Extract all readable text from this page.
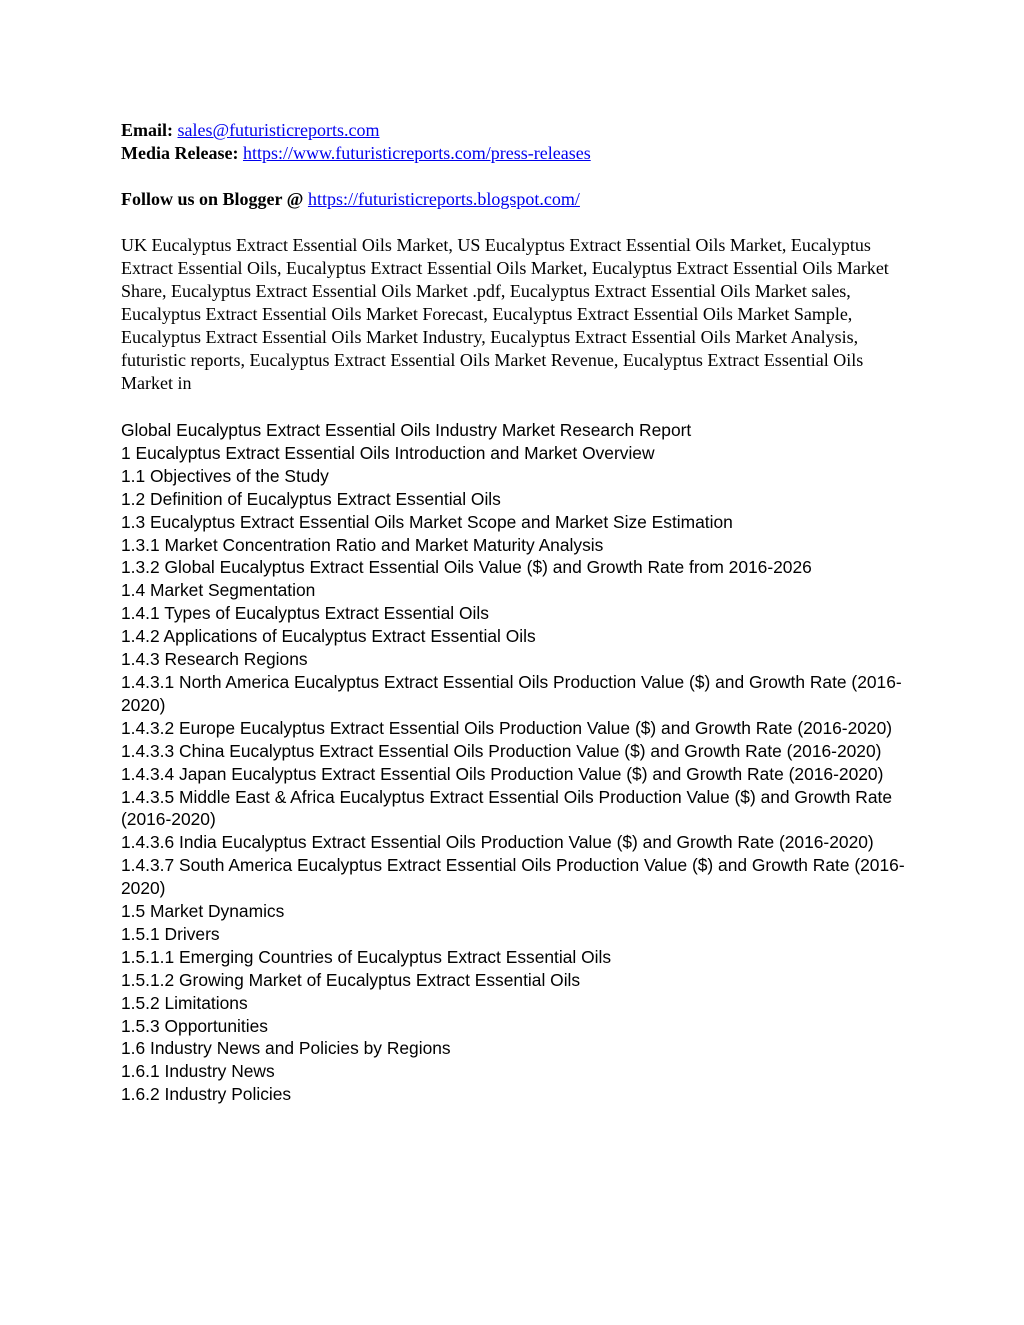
Email: sales@futuristicreports.com

Media Release: https://www.futuristicreports.com/press-releases

Follow us on Blogger @ https://futuristicreports.blogspot.com/

UK Eucalyptus Extract Essential Oils Market, US Eucalyptus Extract Essential Oils Market, Eucalyptus Extract Essential Oils, Eucalyptus Extract Essential Oils Market, Eucalyptus Extract Essential Oils Market Share, Eucalyptus Extract Essential Oils Market .pdf, Eucalyptus Extract Essential Oils Market sales, Eucalyptus Extract Essential Oils Market Forecast, Eucalyptus Extract Essential Oils Market Sample, Eucalyptus Extract Essential Oils Market Industry, Eucalyptus Extract Essential Oils Market Analysis, futuristic reports, Eucalyptus Extract Essential Oils Market Revenue, Eucalyptus Extract Essential Oils Market in

Global Eucalyptus Extract Essential Oils Industry Market Research Report
1 Eucalyptus Extract Essential Oils Introduction and Market Overview
1.1 Objectives of the Study
1.2 Definition of Eucalyptus Extract Essential Oils
1.3 Eucalyptus Extract Essential Oils Market Scope and Market Size Estimation
1.3.1 Market Concentration Ratio and Market Maturity Analysis
1.3.2 Global Eucalyptus Extract Essential Oils Value ($) and Growth Rate from 2016-2026
1.4 Market Segmentation
1.4.1 Types of Eucalyptus Extract Essential Oils
1.4.2 Applications of Eucalyptus Extract Essential Oils
1.4.3 Research Regions
1.4.3.1 North America Eucalyptus Extract Essential Oils Production Value ($) and Growth Rate (2016-2020)
1.4.3.2 Europe Eucalyptus Extract Essential Oils Production Value ($) and Growth Rate (2016-2020)
1.4.3.3 China Eucalyptus Extract Essential Oils Production Value ($) and Growth Rate (2016-2020)
1.4.3.4 Japan Eucalyptus Extract Essential Oils Production Value ($) and Growth Rate (2016-2020)
1.4.3.5 Middle East & Africa Eucalyptus Extract Essential Oils Production Value ($) and Growth Rate (2016-2020)
1.4.3.6 India Eucalyptus Extract Essential Oils Production Value ($) and Growth Rate (2016-2020)
1.4.3.7 South America Eucalyptus Extract Essential Oils Production Value ($) and Growth Rate (2016-2020)
1.5 Market Dynamics
1.5.1 Drivers
1.5.1.1 Emerging Countries of Eucalyptus Extract Essential Oils
1.5.1.2 Growing Market of Eucalyptus Extract Essential Oils
1.5.2 Limitations
1.5.3 Opportunities
1.6 Industry News and Policies by Regions
1.6.1 Industry News
1.6.2 Industry Policies
